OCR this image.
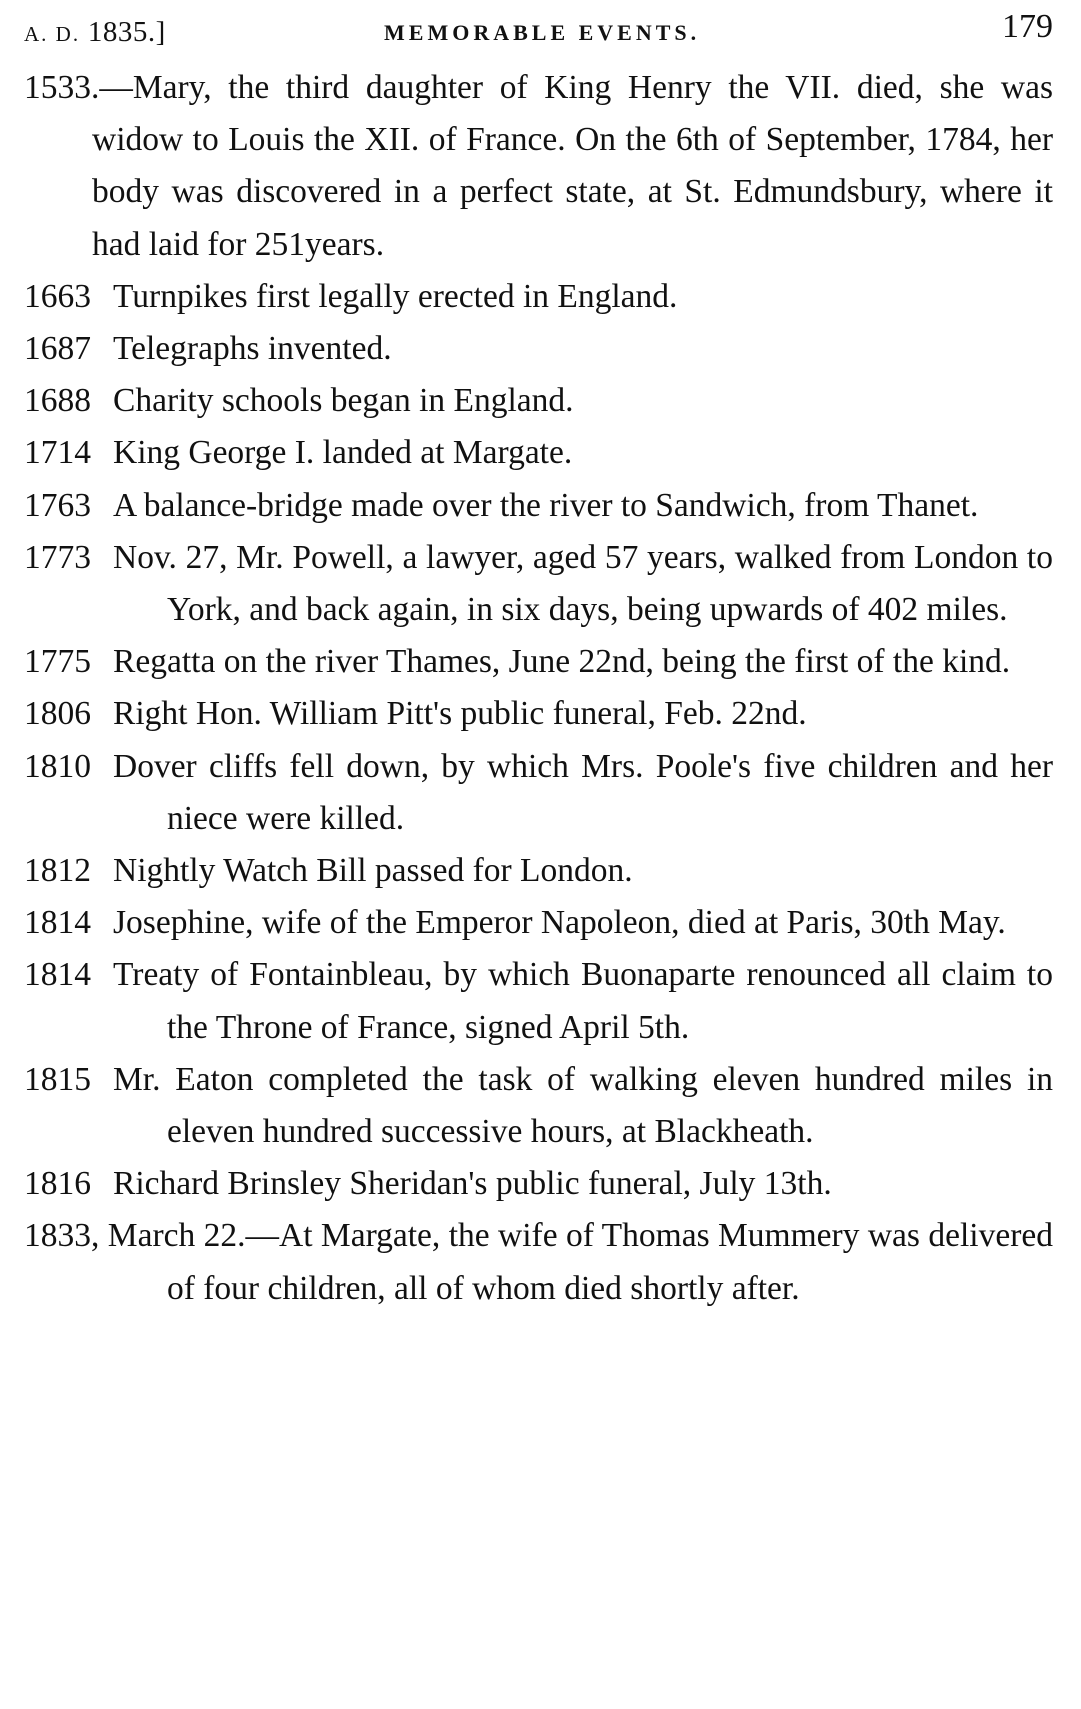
A. D. 1835.]	MEMORABLE EVENTS.	179
1533.—Mary, the third daughter of King Henry the VII. died, she was widow to Louis the XII. of France. On the 6th of September, 1784, her body was discovered in a perfect state, at St. Edmundsbury, where it had laid for 251years.
1663 Turnpikes first legally erected in England.
1687 Telegraphs invented.
1688 Charity schools began in England.
1714 King George I. landed at Margate.
1763 A balance-bridge made over the river to Sandwich, from Thanet.
1773 Nov. 27, Mr. Powell, a lawyer, aged 57 years, walked from London to York, and back again, in six days, being upwards of 402 miles.
1775 Regatta on the river Thames, June 22nd, being the first of the kind.
1806 Right Hon. William Pitt's public funeral, Feb. 22nd.
1810 Dover cliffs fell down, by which Mrs. Poole's five children and her niece were killed.
1812 Nightly Watch Bill passed for London.
1814 Josephine, wife of the Emperor Napoleon, died at Paris, 30th May.
1814 Treaty of Fontainbleau, by which Buonaparte renounced all claim to the Throne of France, signed April 5th.
1815 Mr. Eaton completed the task of walking eleven hundred miles in eleven hundred successive hours, at Blackheath.
1816 Richard Brinsley Sheridan's public funeral, July 13th.
1833, March 22.—At Margate, the wife of Thomas Mummery was delivered of four children, all of whom died shortly after.
